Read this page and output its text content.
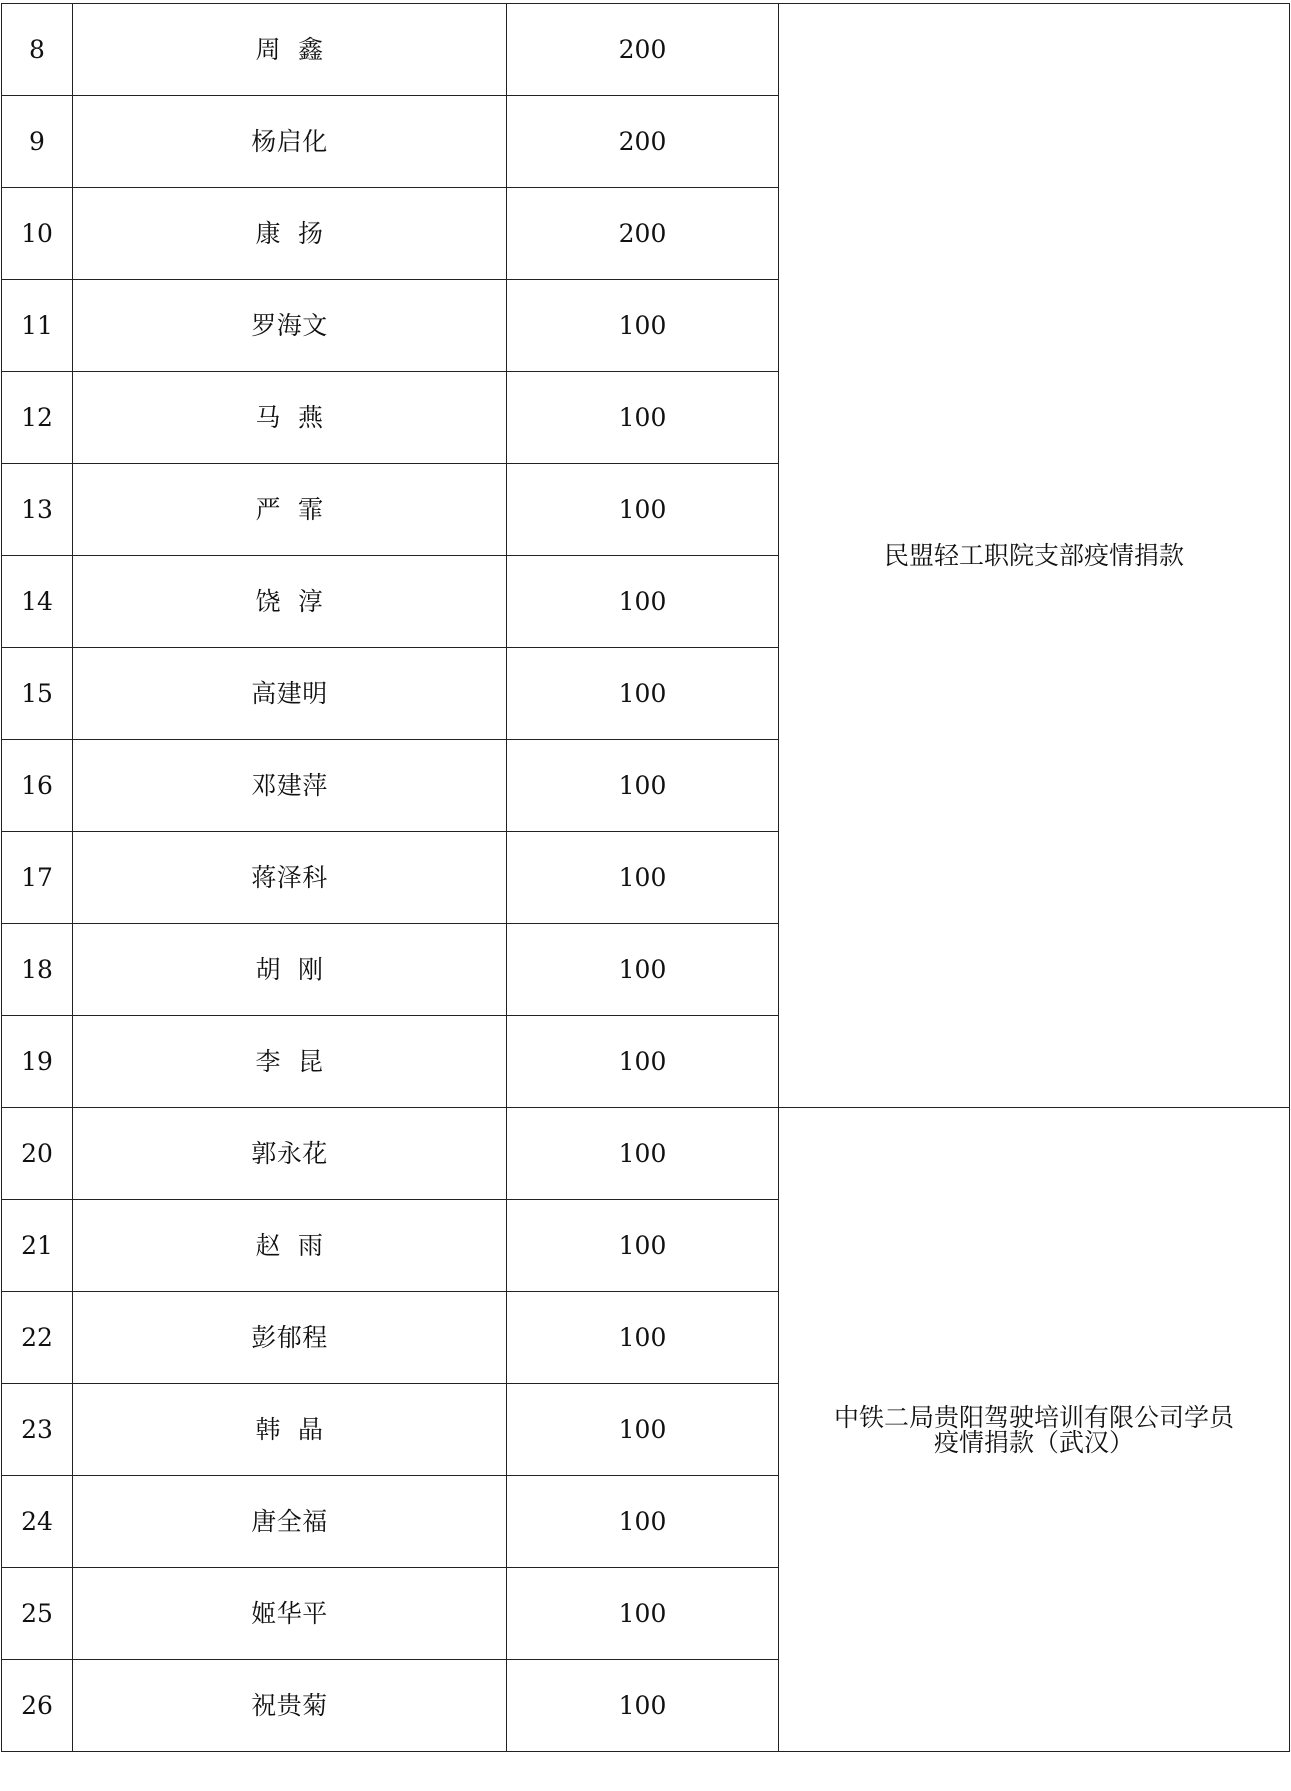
8	周  鑫	200	民盟轻工职院支部疫情捐款

9	杨启化	200	
10	康  扬	200	
11	罗海文	100	
12	马  燕	100	
13	严  霏	100	
14	饶  淳	100	
15	高建明	100	
16	邓建萍	100	
17	蒋泽科	100	
18	胡  刚	100	
19	李  昆	100	
20	郭永花	100	中铁二局贵阳驾驶培训有限公司学员
疫情捐款（武汉）

21	赵  雨	100	
22	彭郁程	100	
23	韩  晶	100	
24	唐全福	100	
25	姬华平	100	
26	祝贵菊	100	
